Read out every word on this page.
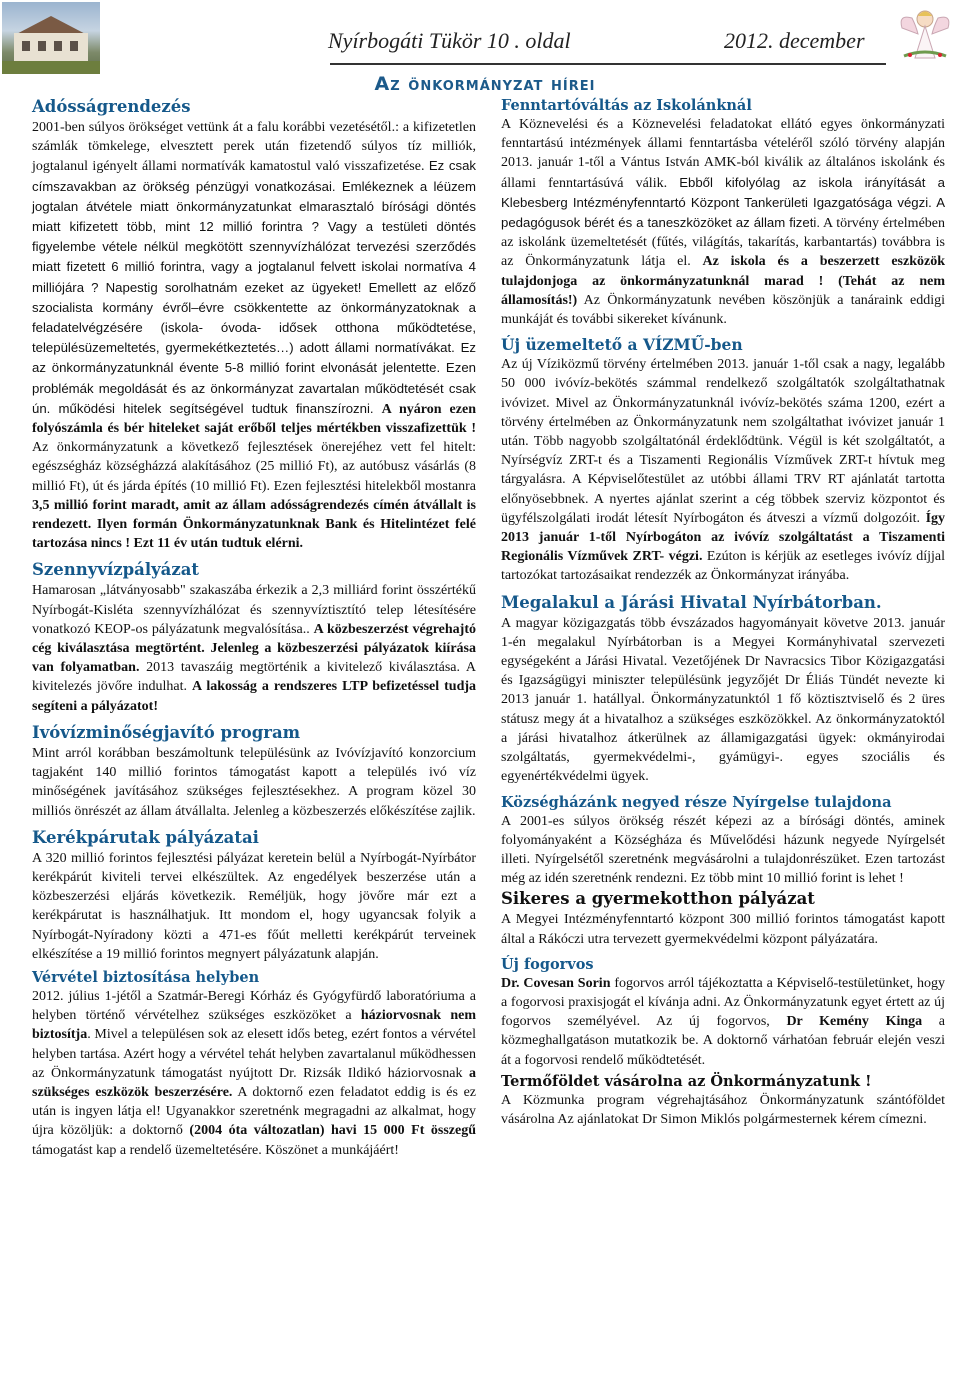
Nyírbogáti Tükör 10 . oldal	2012. december
Az önkormányzat hírei
Adósságrendezés

2001-ben súlyos örökséget vettünk át a falu korábbi vezetésétől.: a kifizetetlen számlák tömkelege, elvesztett perek után fizetendő súlyos tíz milliók, jogtalanul igényelt állami normatívák kamatostul való visszafizetése. Ez csak címszavakban az örökség pénzügyi vonatkozásai. Emlékeznek a léüzem jogtalan átvétele miatt önkormányzatunkat elmarasztaló bírósági döntés miatt kifizetett több, mint 12 millió forintra ? Vagy a testületi döntés figyelembe vétele nélkül megkötött szennyvízhálózat tervezési szerződés miatt fizetett 6 millió forintra, vagy a jogtalanul felvett iskolai normatíva 4 milliójára ? Napestig sorolhatnám ezeket az ügyeket! Emellett az előző szocialista kormány évről–évre csökkentette az önkormányzatoknak a feladatelvégzésére (iskola- óvoda- idősek otthona működtetése, településüzemeltetés, gyermekétkeztetés…) adott állami normatívákat. Ez az önkormányzatunknál évente 5-8 millió forint elvonását jelentette. Ezen problémák megoldását és az önkormányzat zavartalan működtetését csak ún. működési hitelek segítségével tudtuk finanszírozni. A nyáron ezen folyószámla és bér hiteleket saját erőből teljes mértékben visszafizettük ! Az önkormányzatunk a következő fejlesztések önerejéhez vett fel hitelt: egészségház községházzá alakításához (25 millió Ft), az autóbusz vásárlás (8 millió Ft), út és járda építés (10 millió Ft). Ezen fejlesztési hitelekből mostanra 3,5 millió forint maradt, amit az állam adósságrendezés címén átvállalt is rendezett. Ilyen formán Önkormányzatunknak Bank és Hitelintézet felé tartozása nincs ! Ezt 11 év után tudtuk elérni.

Szennyvízpályázat

Hamarosan „látványosabb" szakaszába érkezik a 2,3 milliárd forint összértékű Nyírbogát-Kisléta szennyvízhálózat és szennyvíztisztító telep létesítésére vonatkozó KEOP-os pályázatunk megvalósítása.. A közbeszerzést végrehajtó cég kiválasztása megtörtént. Jelenleg a közbeszerzési pályázatok kiírása van folyamatban. 2013 tavaszáig megtörténik a kivitelező kiválasztása. A kivitelezés jövőre indulhat. A lakosság a rendszeres LTP befizetéssel tudja segíteni a pályázatot!

Ivóvízminőségjavító program

Mint arról korábban beszámoltunk településünk az Ivóvízjavító konzorcium tagjaként 140 millió forintos támogatást kapott a település ivó víz minőségének javításához szükséges fejlesztésekhez. A program közel 30 milliós önrészét az állam átvállalta. Jelenleg a közbeszerzés előkészítése zajlik.

Kerékpárutak pályázatai

A 320 millió forintos fejlesztési pályázat keretein belül a Nyírbogát-Nyírbátor kerékpárút kiviteli tervei elkészültek. Az engedélyek beszerzése után a közbeszerzési eljárás következik. Reméljük, hogy jövőre már ezt a kerékpárutat is használhatjuk. Itt mondom el, hogy ugyancsak folyik a Nyírbogát-Nyíradony közti a 471-es főút melletti kerékpárút terveinek elkészítése a 19 millió forintos megnyert pályázatunk alapján.

Vérvétel biztosítása helyben

2012. július 1-jétől a Szatmár-Beregi Kórház és Gyógyfürdő laboratóriuma a helyben történő vérvételhez szükséges eszközöket a háziorvosnak nem biztosítja. Mivel a településen sok az elesett idős beteg, ezért fontos a vérvétel helyben tartása. Azért hogy a vérvétel tehát helyben zavartalanul működhessen az Önkormányzatunk támogatást nyújtott Dr. Rizsák Ildikó háziorvosnak a szükséges eszközök beszerzésére. A doktornő ezen feladatot eddig is és ez után is ingyen látja el! Ugyanakkor szeretnénk megragadni az alkalmat, hogy újra közöljük: a doktornő (2004 óta változatlan) havi 15 000 Ft összegű támogatást kap a rendelő üzemeltetésére. Köszönet a munkájáért!

Fenntartóváltás az Iskolánknál

A Köznevelési és a Köznevelési feladatokat ellátó egyes önkormányzati fenntartású intézmények állami fenntartásba vételéről szóló törvény alapján 2013. január 1-től a Vántus István AMK-ból kiválik az általános iskolánk és állami fenntartásúvá válik. Ebből kifolyólag az iskola irányítását a Klebesberg Intézményfenntartó Központ Tankerületi Igazgatósága végzi. A pedagógusok bérét és a taneszközöket az állam fizeti. A törvény értelmében az iskolánk üzemeltetését (fűtés, világítás, takarítás, karbantartás) továbbra is az Önkormányzatunk látja el. Az iskola és a beszerzett eszközök tulajdonjoga az önkormányzatunknál marad ! (Tehát az nem államosítás!) Az Önkormányzatunk nevében köszönjük a tanáraink eddigi munkáját és további sikereket kívánunk.

Új üzemeltető a VÍZMŰ-ben

Az új Víziközmű törvény értelmében 2013. január 1-től csak a nagy, legalább 50 000 ivóvíz-bekötés számmal rendelkező szolgáltatók szolgáltathatnak ivóvizet. Mivel az Önkormányzatunknál ivóvíz-bekötés száma 1200, ezért a törvény értelmében az Önkormányzatunk nem szolgáltathat ivóvizet január 1 után. Több nagyobb szolgáltatónál érdeklődtünk. Végül is két szolgáltatót, a Nyírségvíz ZRT-t és a Tiszamenti Regionális Vízművek ZRT-t hívtuk meg tárgyalásra. A Képviselőtestület az utóbbi állami TRV RT ajánlatát tartotta előnyösebbnek. A nyertes ajánlat szerint a cég többek szerviz központot és ügyfélszolgálati irodát létesít Nyírbogáton és átveszi a vízmű dolgozóit. Így 2013 január 1-től Nyírbogáton az ivóvíz szolgáltatást a Tiszamenti Regionális Vízművek ZRT- végzi. Ezúton is kérjük az esetleges ivóvíz díjjal tartozókat tartozásaikat rendezzék az Önkormányzat irányába.

Megalakul a Járási Hivatal Nyírbátorban.

A magyar közigazgatás több évszázados hagyományait követve 2013. január 1-én megalakul Nyírbátorban is a Megyei Kormányhivatal szervezeti egységeként a Járási Hivatal. Vezetőjének Dr Navracsics Tibor Közigazgatási és Igazságügyi miniszter településünk jegyzőjét Dr Éliás Tündét nevezte ki 2013 január 1. hatállyal. Önkormányzatunktól 1 fő köztisztviselő és 2 üres státusz megy át a hivatalhoz a szükséges eszközökkel. Az önkormányzatoktól a járási hivatalhoz átkerülnek az államigazgatási ügyek: okmányirodai szolgáltatás, gyermekvédelmi-, gyámügyi-. egyes szociális és egyenértékvédelmi ügyek.

Községházánk negyed része Nyírgelse tulajdona

A 2001-es súlyos örökség részét képezi az a bírósági döntés, aminek folyományaként a Községháza és Művelődési házunk negyede Nyírgelsét illeti. Nyírgelsétől szeretnénk megvásárolni a tulajdonrészüket. Ezen tartozást még az idén szeretnénk rendezni. Ez több mint 10 millió forint is lehet !

Sikeres a gyermekotthon pályázat

A Megyei Intézményfenntartó központ 300 millió forintos támogatást kapott által a Rákóczi utra tervezett gyermekvédelmi központ pályázatára.

Új fogorvos

Dr. Covesan Sorin fogorvos arról tájékoztatta a Képviselő-testületünket, hogy a fogorvosi praxisjogát el kívánja adni. Az Önkormányzatunk egyet értett az új fogorvos személyével. Az új fogorvos, Dr Kemény Kinga a közmeghallgatáson mutatkozik be. A doktornő várhatóan február elején veszi át a fogorvosi rendelő működtetését.

Termőföldet vásárolna az Önkormányzatunk !

A Közmunka program végrehajtásához Önkormányzatunk szántóföldet vásárolna Az ajánlatokat Dr Simon Miklós polgármesternek kérem címezni.
